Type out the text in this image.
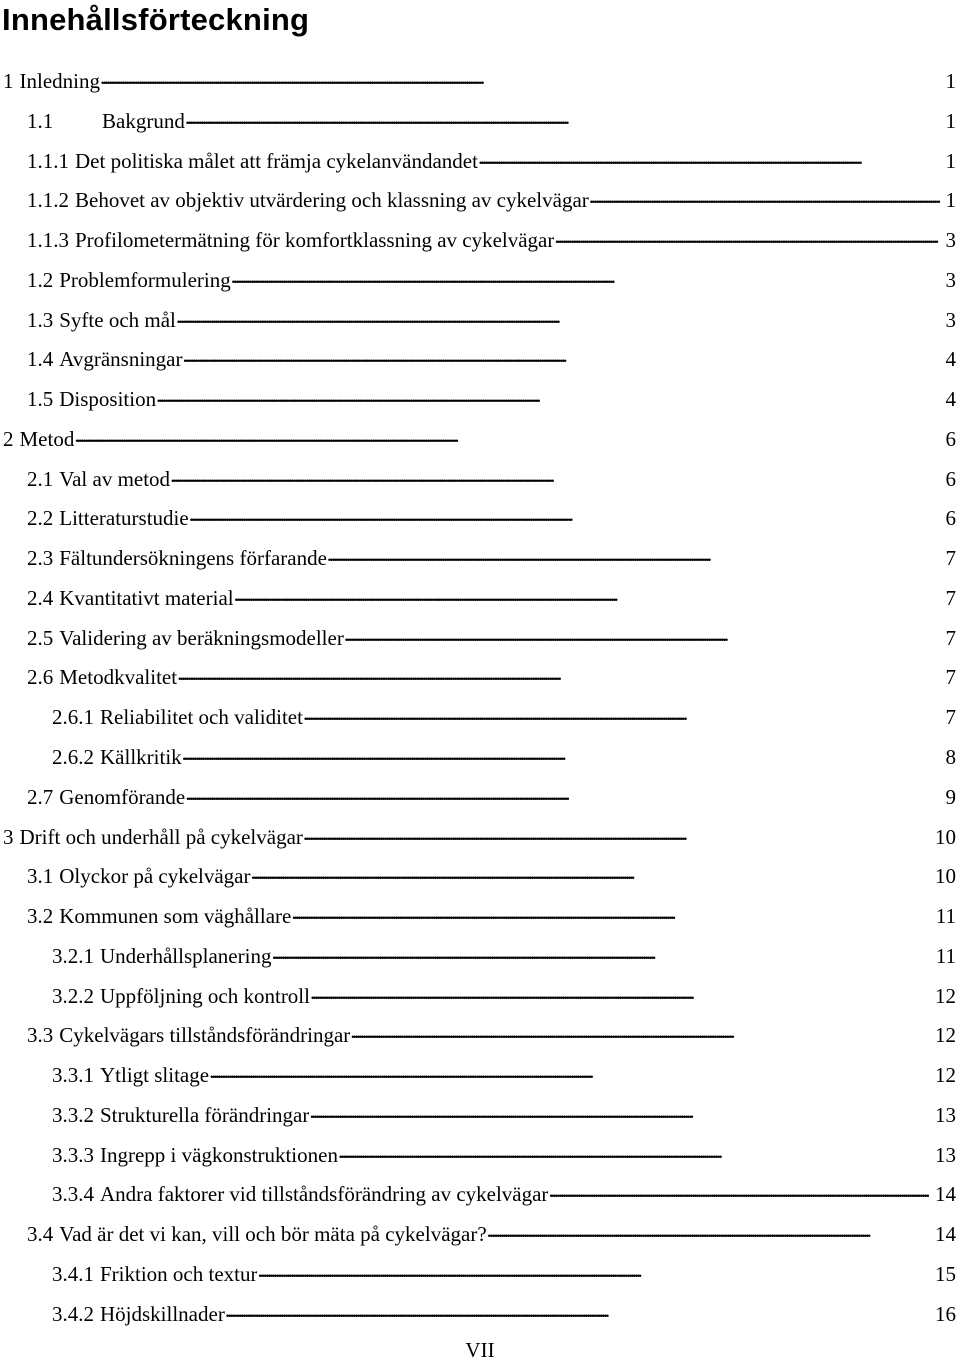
Innehållsförteckning
1 Inledning . . .	1
1.1	Bakgrund . . .	1
1.1.1 Det politiska målet att främja cykelanvändandet . . .	1
1.1.2 Behovet av objektiv utvärdering och klassning av cykelvägar . . .	1
1.1.3 Profilometermätning för komfortklassning av cykelvägar . . .	3
1.2 Problemformulering . . .	3
1.3 Syfte och mål . . .	3
1.4 Avgränsningar . . .	4
1.5 Disposition . . .	4
2 Metod . . .	6
2.1 Val av metod . . .	6
2.2 Litteraturstudie . . .	6
2.3 Fältundersökningens förfarande . . .	7
2.4 Kvantitativt material . . .	7
2.5 Validering av beräkningsmodeller . . .	7
2.6 Metodkvalitet . . .	7
2.6.1 Reliabilitet och validitet . . .	7
2.6.2 Källkritik . . .	8
2.7 Genomförande . . .	9
3 Drift och underhåll på cykelvägar . . .	10
3.1 Olyckor på cykelvägar . . .	10
3.2 Kommunen som väghållare . . .	11
3.2.1 Underhållsplanering . . .	11
3.2.2 Uppföljning och kontroll . . .	12
3.3 Cykelvägars tillståndsförändringar . . .	12
3.3.1 Ytligt slitage . . .	12
3.3.2 Strukturella förändringar . . .	13
3.3.3 Ingrepp i vägkonstruktionen . . .	13
3.3.4 Andra faktorer vid tillståndsförändring av cykelvägar . . .	14
3.4 Vad är det vi kan, vill och bör mäta på cykelvägar? . . .	14
3.4.1 Friktion och textur . . .	15
3.4.2 Höjdskillnader . . .	16
VII
